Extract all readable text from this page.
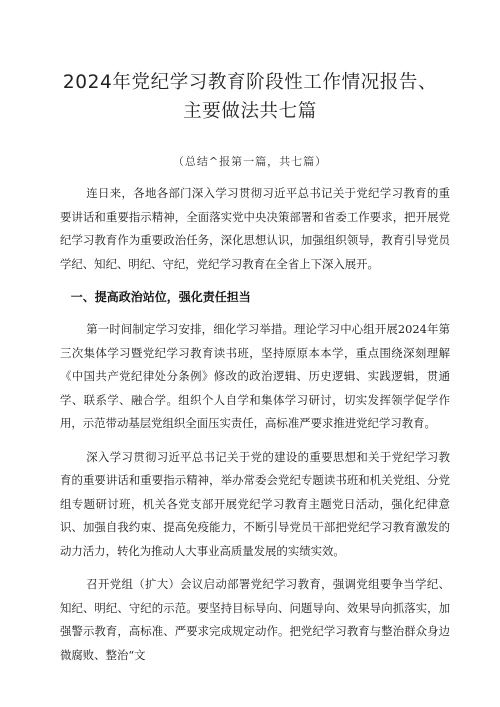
2024年党纪学习教育阶段性工作情况报告、主要做法共七篇
（总结^报第一篇，共七篇）

连日来，各地各部门深入学习贯彻习近平总书记关于党纪学习教育的重要讲话和重要指示精神，全面落实党中央决策部署和省委工作要求，把开展党纪学习教育作为重要政治任务，深化思想认识，加强组织领导，教育引导党员学纪、知纪、明纪、守纪，党纪学习教育在全省上下深入展开。

一、提高政治站位，强化责任担当

第一时间制定学习安排，细化学习举措。理论学习中心组开展2024年第三次集体学习暨党纪学习教育读书班，坚持原原本本学，重点围绕深刻理解《中国共产党纪律处分条例》修改的政治逻辑、历史逻辑、实践逻辑，贯通学、联系学、融合学。组织个人自学和集体学习研讨，切实发挥领学促学作用，示范带动基层党组织全面压实责任，高标准严要求推进党纪学习教育。

深入学习贯彻习近平总书记关于党的建设的重要思想和关于党纪学习教育的重要讲话和重要指示精神，举办常委会党纪专题读书班和机关党组、分党组专题研讨班，机关各党支部开展党纪学习教育主题党日活动，强化纪律意识、加强自我约束、提高免疫能力，不断引导党员干部把党纪学习教育激发的动力活力，转化为推动人大事业高质量发展的实绩实效。

召开党组（扩大）会议启动部署党纪学习教育，强调党组要争当学纪、知纪、明纪、守纪的示范。要坚持目标导向、问题导向、效果导向抓落实，加强警示教育，高标准、严要求完成规定动作。把党纪学习教育与整治群众身边微腐败、整治“文
